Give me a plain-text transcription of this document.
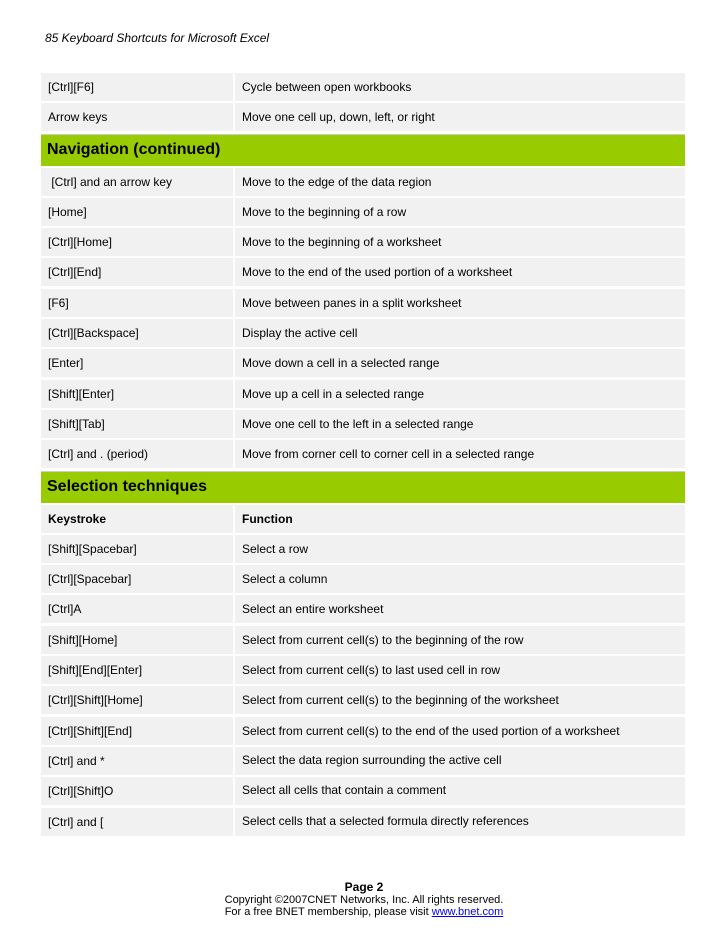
85 Keyboard Shortcuts for Microsoft Excel
[Ctrl][F6]	Cycle between open workbooks
Arrow keys	Move one cell up, down, left, or right
Navigation (continued)
[Ctrl] and an arrow key	Move to the edge of the data region
[Home]	Move to the beginning of a row
[Ctrl][Home]	Move to the beginning of a worksheet
[Ctrl][End]	Move to the end of the used portion of a worksheet
[F6]	Move between panes in a split worksheet
[Ctrl][Backspace]	Display the active cell
[Enter]	Move down a cell in a selected range
[Shift][Enter]	Move up a cell in a selected range
[Shift][Tab]	Move one cell to the left in a selected range
[Ctrl] and . (period)	Move from corner cell to corner cell in a selected range
Selection techniques
Keystroke	Function
[Shift][Spacebar]	Select a row
[Ctrl][Spacebar]	Select a column
[Ctrl]A	Select an entire worksheet
[Shift][Home]	Select from current cell(s) to the beginning of the row
[Shift][End][Enter]	Select from current cell(s) to last used cell in row
[Ctrl][Shift][Home]	Select from current cell(s) to the beginning of the worksheet
[Ctrl][Shift][End]	Select from current cell(s) to the end of the used portion of a worksheet
[Ctrl] and *	Select the data region surrounding the active cell
[Ctrl][Shift]O	Select all cells that contain a comment
[Ctrl] and [	Select cells that a selected formula directly references
Page 2
Copyright ©2007CNET Networks, Inc. All rights reserved.
For a free BNET membership, please visit www.bnet.com
